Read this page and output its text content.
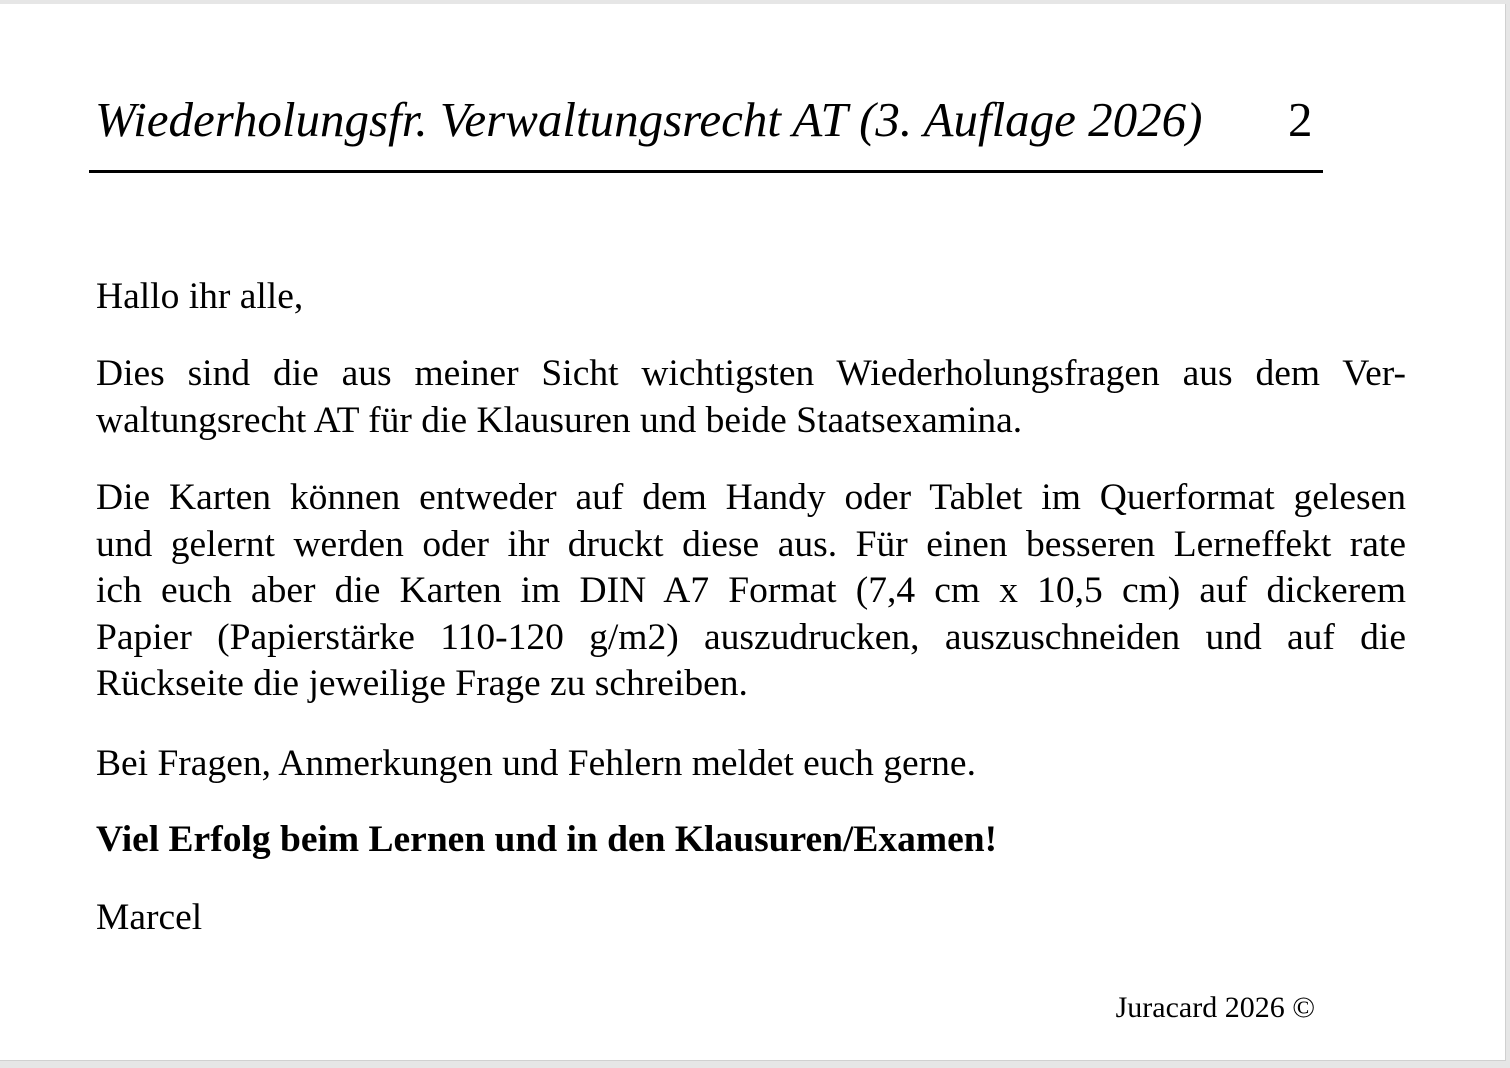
Wiederholungsfr. Verwaltungsrecht AT (3. Auflage 2026) 2

Hallo ihr alle,

Dies sind die aus meiner Sicht wichtigsten Wiederholungsfragen aus dem Ver-
waltungsrecht AT für die Klausuren und beide Staatsexamina.

Die Karten können entweder auf dem Handy oder Tablet im Querformat gelesen
und gelernt werden oder ihr druckt diese aus. Für einen besseren Lerneffekt rate
ich euch aber die Karten im DIN A7 Format (7,4 cm x 10,5 cm) auf dickerem
Papier (Papierstärke 110-120 g/m2) auszudrucken, auszuschneiden und auf die
Rückseite die jeweilige Frage zu schreiben.

Bei Fragen, Anmerkungen und Fehlern meldet euch gerne.

Viel Erfolg beim Lernen und in den Klausuren/Examen!

Marcel

Juracard 2026 ©
